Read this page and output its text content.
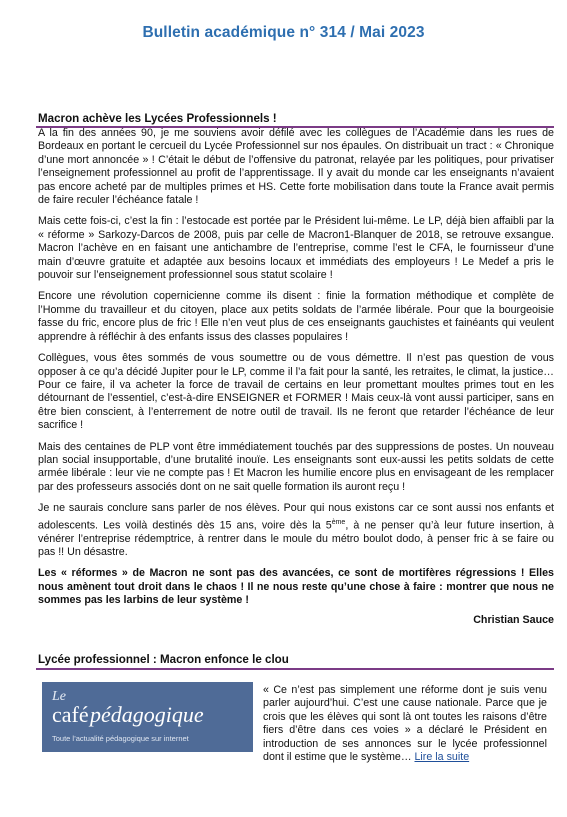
Bulletin académique n° 314 / Mai 2023
Macron achève les Lycées Professionnels !

A la fin des années 90, je me souviens avoir défilé avec les collègues de l’Académie dans les rues de Bordeaux en portant le cercueil du Lycée Professionnel sur nos épaules. On distribuait un tract : « Chronique d’une mort annoncée » ! C’était le début de l’offensive du patronat, relayée par les politiques, pour privatiser l’enseignement professionnel au profit de l’apprentissage. Il y avait du monde car les enseignants n’avaient pas encore acheté par de multiples primes et HS. Cette forte mobilisation dans toute la France avait permis de faire reculer l’échéance fatale !

Mais cette fois-ci, c’est la fin : l’estocade est portée par le Président lui-même. Le LP, déjà bien affaibli par la « réforme » Sarkozy-Darcos de 2008, puis par celle de Macron1-Blanquer de 2018, se retrouve exsangue. Macron l’achève en en faisant une antichambre de l’entreprise, comme l’est le CFA, le fournisseur d’une main d’œuvre gratuite et adaptée aux besoins locaux et immédiats des employeurs ! Le Medef a pris le pouvoir sur l’enseignement professionnel sous statut scolaire !

Encore une révolution copernicienne comme ils disent : finie la formation méthodique et complète de l’Homme du travailleur et du citoyen, place aux petits soldats de l’armée libérale. Pour que la bourgeoisie fasse du fric, encore plus de fric ! Elle n’en veut plus de ces enseignants gauchistes et fainéants qui veulent apprendre à réfléchir à des enfants issus des classes populaires !

Collègues, vous êtes sommés de vous soumettre ou de vous démettre. Il n’est pas question de vous opposer à ce qu’a décidé Jupiter pour le LP, comme il l’a fait pour la santé, les retraites, le climat, la justice…Pour ce faire, il va acheter la force de travail de certains en leur promettant moultes primes tout en les détournant de l’essentiel, c’est-à-dire ENSEIGNER et FORMER ! Mais ceux-là vont aussi participer, sans en être bien conscient, à l’enterrement de notre outil de travail. Ils ne feront que retarder l’échéance de leur sacrifice !

Mais des centaines de PLP vont être immédiatement touchés par des suppressions de postes. Un nouveau plan social insupportable, d’une brutalité inouïe. Les enseignants sont eux-aussi les petits soldats de cette armée libérale : leur vie ne compte pas ! Et Macron les humilie encore plus en envisageant de les remplacer par des professeurs associés dont on ne sait quelle formation ils auront reçu !

Je ne saurais conclure sans parler de nos élèves. Pour qui nous existons car ce sont aussi nos enfants et adolescents. Les voilà destinés dès 15 ans, voire dès la 5ème, à ne penser qu’à leur future insertion, à vénérer l’entreprise rédemptrice, à rentrer dans le moule du métro boulot dodo, à penser fric à se faire ou pas !! Un désastre.

Les « réformes » de Macron ne sont pas des avancées, ce sont de mortifères régressions ! Elles nous amènent tout droit dans le chaos ! Il ne nous reste qu’une chose à faire : montrer que nous ne sommes pas les larbins de leur système !

Christian Sauce

Lycée professionnel : Macron enfonce le clou
Le
café pédagogique
Toute l’actualité pédagogique sur internet
« Ce n’est pas simplement une réforme dont je suis venu parler aujourd’hui. C’est une cause nationale. Parce que je crois que les élèves qui sont là ont toutes les raisons d’être fiers d’être dans ces voies » a déclaré le Président en introduction de ses annonces sur le lycée professionnel dont il estime que le système… Lire la suite
